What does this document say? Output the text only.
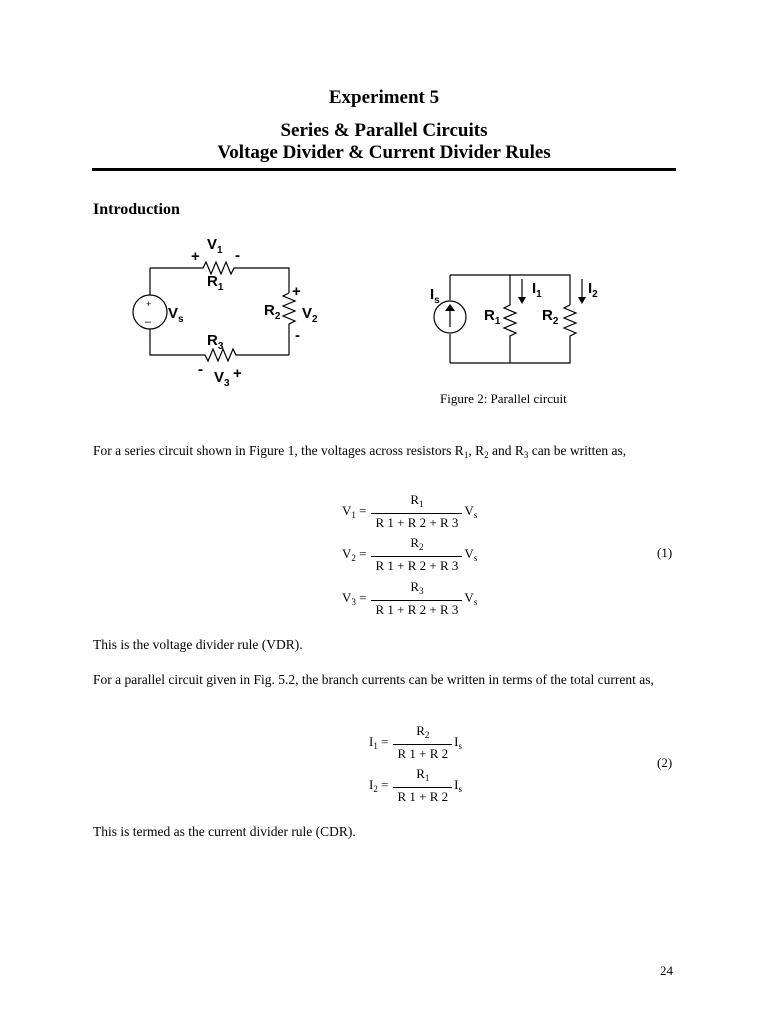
Experiment 5
Series & Parallel Circuits
Voltage Divider & Current Divider Rules
Introduction
+
–
$V_1$
+ -
$R_1$	+
$R_2$ $V_2$
-
$V_s$
$R_3$
- $V_3$
+
$I_s$
$I_1$	$I_2$
$R_1$	$R_2$
Figure 2: Parallel circuit
For a series circuit shown in Figure 1, the voltages across resistors $R_1$, $R_2$ and $R_3$ can be written as,
$V_1 = \frac{R_1}{R 1 + R 2 + R 3} V_s$
$V_2 = \frac{R_2}{R 1 + R 2 + R 3} V_s$
$V_3 = \frac{R_3}{R 1 + R 2 + R 3} V_s$
(1)
This is the voltage divider rule (VDR).
For a parallel circuit given in Fig. 5.2, the branch currents can be written in terms of the total current as,
$I_1 = \frac{R_2}{R 1 + R 2} I_s$
$I_2 = \frac{R_1}{R 1 + R 2} I_s$
(2)
This is termed as the current divider rule (CDR).
24
